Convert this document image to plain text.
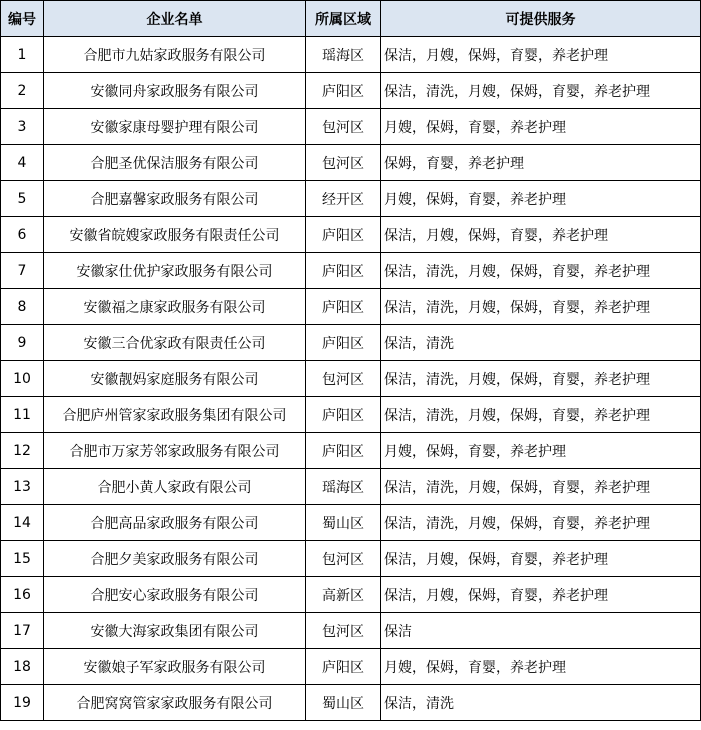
编号	企业名单	所属区域	可提供服务
1	合肥市九姑家政服务有限公司	瑶海区	保洁，月嫂，保姆，育婴，养老护理
2	安徽同舟家政服务有限公司	庐阳区	保洁，清洗，月嫂，保姆，育婴，养老护理
3	安徽家康母婴护理有限公司	包河区	月嫂，保姆，育婴，养老护理
4	合肥圣优保洁服务有限公司	包河区	保姆，育婴，养老护理
5	合肥嘉馨家政服务有限公司	经开区	月嫂，保姆，育婴，养老护理
6	安徽省皖嫂家政服务有限责任公司	庐阳区	保洁，月嫂，保姆，育婴，养老护理
7	安徽家仕优护家政服务有限公司	庐阳区	保洁，清洗，月嫂，保姆，育婴，养老护理
8	安徽福之康家政服务有限公司	庐阳区	保洁，清洗，月嫂，保姆，育婴，养老护理
9	安徽三合优家政有限责任公司	庐阳区	保洁，清洗
10	安徽靓妈家庭服务有限公司	包河区	保洁，清洗，月嫂，保姆，育婴，养老护理
11	合肥庐州管家家政服务集团有限公司	庐阳区	保洁，清洗，月嫂，保姆，育婴，养老护理
12	合肥市万家芳邻家政服务有限公司	庐阳区	月嫂，保姆，育婴，养老护理
13	合肥小黄人家政有限公司	瑶海区	保洁，清洗，月嫂，保姆，育婴，养老护理
14	合肥高品家政服务有限公司	蜀山区	保洁，清洗，月嫂，保姆，育婴，养老护理
15	合肥夕美家政服务有限公司	包河区	保洁，月嫂，保姆，育婴，养老护理
16	合肥安心家政服务有限公司	高新区	保洁，月嫂，保姆，育婴，养老护理
17	安徽大海家政集团有限公司	包河区	保洁
18	安徽娘子军家政服务有限公司	庐阳区	月嫂，保姆，育婴，养老护理
19	合肥窝窝管家家政服务有限公司	蜀山区	保洁，清洗
